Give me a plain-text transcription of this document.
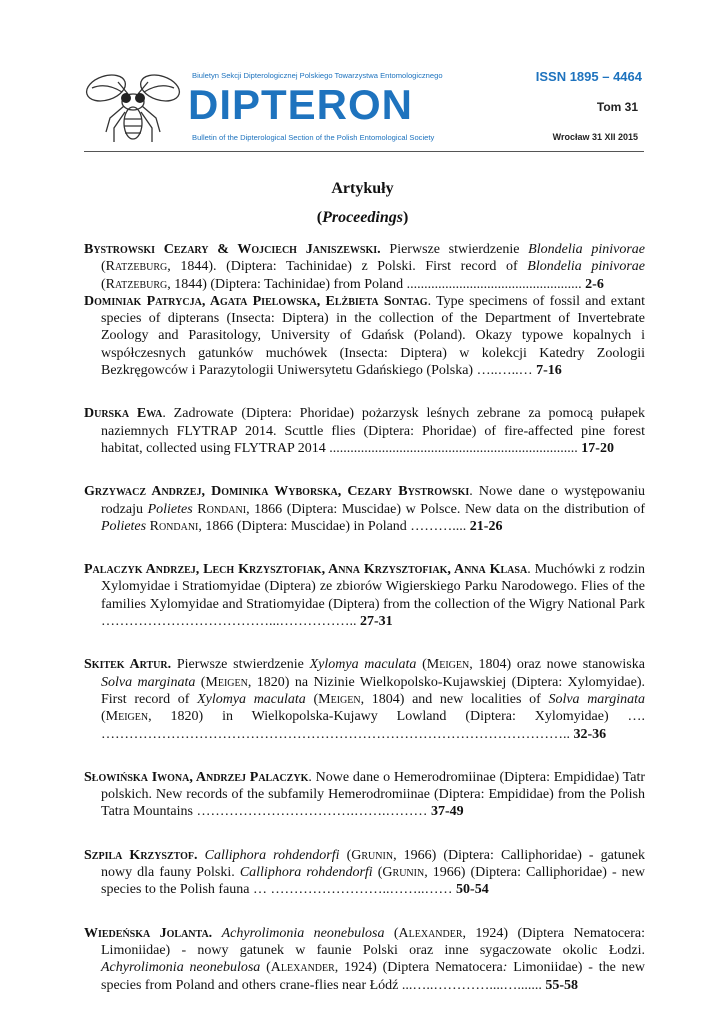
Biuletyn Sekcji Dipterologicznej Polskiego Towarzystwa Entomologicznego
DIPTERON
Bulletin of the Dipterological Section of the Polish Entomological Society
ISSN 1895 – 4464
Tom 31
Wrocław 31 XII 2015
Artykuły
(Proceedings)
Bystrowski Cezary & Wojciech Janiszewski. Pierwsze stwierdzenie Blondelia pinivorae (Ratzeburg, 1844). (Diptera: Tachinidae) z Polski. First record of Blondelia pinivorae (Ratzeburg, 1844) (Diptera: Tachinidae) from Poland .................................................. 2-6
Dominiak Patrycja, Agata Pielowska, Elżbieta Sontag. Type specimens of fossil and extant species of dipterans (Insecta: Diptera) in the collection of the Department of Invertebrate Zoology and Parasitology, University of Gdańsk (Poland). Okazy typowe kopalnych i współczesnych gatunków muchówek (Insecta: Diptera) w kolekcji Katedry Zoologii Bezkręgowców i Parazytologii Uniwersytetu Gdańskiego (Polska) …..…..… 7-16
Durska Ewa. Zadrowate (Diptera: Phoridae) pożarzysk leśnych zebrane za pomocą pułapek naziemnych FLYTRAP 2014. Scuttle flies (Diptera: Phoridae) of fire-affected pine forest habitat, collected using FLYTRAP 2014 ....................................................................... 17-20
Grzywacz Andrzej, Dominika Wyborska, Cezary Bystrowski. Nowe dane o występowaniu rodzaju Polietes Rondani, 1866 (Diptera: Muscidae) w Polsce. New data on the distribution of Polietes Rondani, 1866 (Diptera: Muscidae) in Poland ……….... 21-26
Palaczyk Andrzej, Lech Krzysztofiak, Anna Krzysztofiak, Anna Klasa. Muchówki z rodzin Xylomyidae i Stratiomyidae (Diptera) ze zbiorów Wigierskiego Parku Narodowego. Flies of the families Xylomyidae and Stratiomyidae (Diptera) from the collection of the Wigry National Park ………………………………...…………….. 27-31
Skitek Artur. Pierwsze stwierdzenie Xylomya maculata (Meigen, 1804) oraz nowe stanowiska Solva marginata (Meigen, 1820) na Nizinie Wielkopolsko-Kujawskiej (Diptera: Xylomyidae). First record of Xylomya maculata (Meigen, 1804) and new localities of Solva marginata (Meigen, 1820) in Wielkopolska-Kujawy Lowland (Diptera: Xylomyidae) …. ……………………………………………………………………………………….. 32-36
Słowińska Iwona, Andrzej Palaczyk. Nowe dane o Hemerodromiinae (Diptera: Empididae) Tatr polskich. New records of the subfamily Hemerodromiinae (Diptera: Empididae) from the Polish Tatra Mountains …………………………….…….……… 37-49
Szpila Krzysztof. Calliphora rohdendorfi (Grunin, 1966) (Diptera: Calliphoridae) - gatunek nowy dla fauny Polski. Calliphora rohdendorfi (Grunin, 1966) (Diptera: Calliphoridae) - new species to the Polish fauna … ……………………..……..…… 50-54
Wiedeńska Jolanta. Achyrolimonia neonebulosa (Alexander, 1924) (Diptera Nematocera: Limoniidae) - nowy gatunek w faunie Polski oraz inne sygaczowate okolic Łodzi. Achyrolimonia neonebulosa (Alexander, 1924) (Diptera Nematocera: Limoniidae) - the new species from Poland and others crane-flies near Łódź ...…..…………....…....... 55-58
